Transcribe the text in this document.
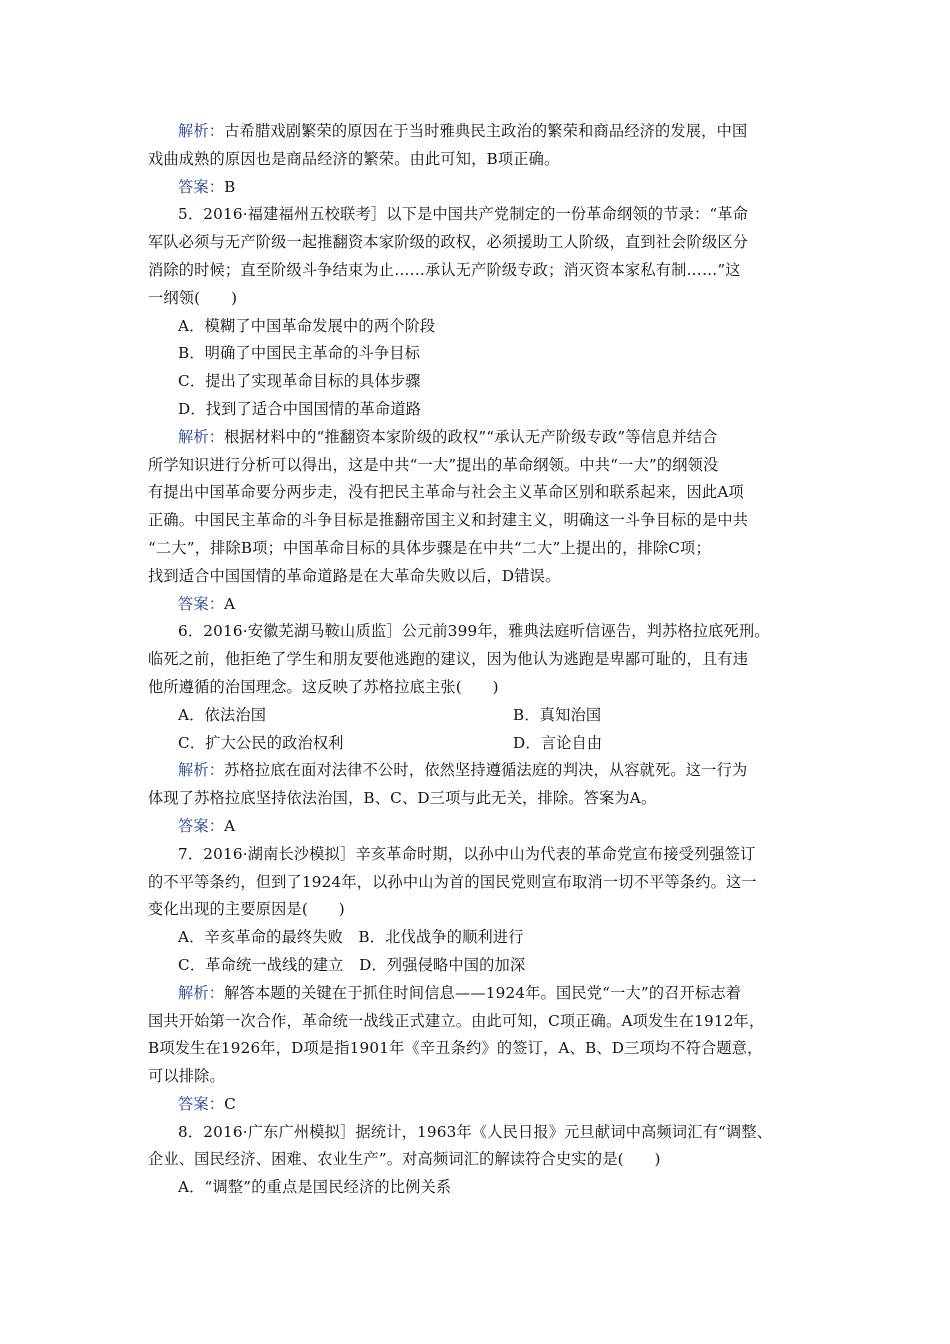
解析：古希腊戏剧繁荣的原因在于当时雅典民主政治的繁荣和商品经济的发展，中国
戏曲成熟的原因也是商品经济的繁荣。由此可知，B项正确。
答案：B
5．2016·福建福州五校联考］以下是中国共产党制定的一份革命纲领的节录：“革命
军队必须与无产阶级一起推翻资本家阶级的政权，必须援助工人阶级，直到社会阶级区分
消除的时候；直至阶级斗争结束为止……承认无产阶级专政；消灭资本家私有制……”这
一纲领(　　)
A．模糊了中国革命发展中的两个阶段
B．明确了中国民主革命的斗争目标
C．提出了实现革命目标的具体步骤
D．找到了适合中国国情的革命道路
解析：根据材料中的“推翻资本家阶级的政权”“承认无产阶级专政”等信息并结合
所学知识进行分析可以得出，这是中共“一大”提出的革命纲领。中共“一大”的纲领没
有提出中国革命要分两步走，没有把民主革命与社会主义革命区别和联系起来，因此A项
正确。中国民主革命的斗争目标是推翻帝国主义和封建主义，明确这一斗争目标的是中共
“二大”，排除B项；中国革命目标的具体步骤是在中共“二大”上提出的，排除C项；
找到适合中国国情的革命道路是在大革命失败以后，D错误。
答案：A
6．2016·安徽芜湖马鞍山质监］公元前399年，雅典法庭听信诬告，判苏格拉底死刑。
临死之前，他拒绝了学生和朋友要他逃跑的建议，因为他认为逃跑是卑鄙可耻的，且有违
他所遵循的治国理念。这反映了苏格拉底主张(　　)
A．依法治国	B．真知治国
C．扩大公民的政治权利	D．言论自由
解析：苏格拉底在面对法律不公时，依然坚持遵循法庭的判决，从容就死。这一行为
体现了苏格拉底坚持依法治国，B、C、D三项与此无关，排除。答案为A。
答案：A
7．2016·湖南长沙模拟］辛亥革命时期，以孙中山为代表的革命党宣布接受列强签订
的不平等条约，但到了1924年，以孙中山为首的国民党则宣布取消一切不平等条约。这一
变化出现的主要原因是(　　)
A．辛亥革命的最终失败　B．北伐战争的顺利进行
C．革命统一战线的建立　D．列强侵略中国的加深
解析：解答本题的关键在于抓住时间信息——1924年。国民党“一大”的召开标志着
国共开始第一次合作，革命统一战线正式建立。由此可知，C项正确。A项发生在1912年，
B项发生在1926年，D项是指1901年《辛丑条约》的签订，A、B、D三项均不符合题意，
可以排除。
答案：C
8．2016·广东广州模拟］据统计，1963年《人民日报》元旦献词中高频词汇有“调整、
企业、国民经济、困难、农业生产”。对高频词汇的解读符合史实的是(　　)
A．“调整”的重点是国民经济的比例关系
